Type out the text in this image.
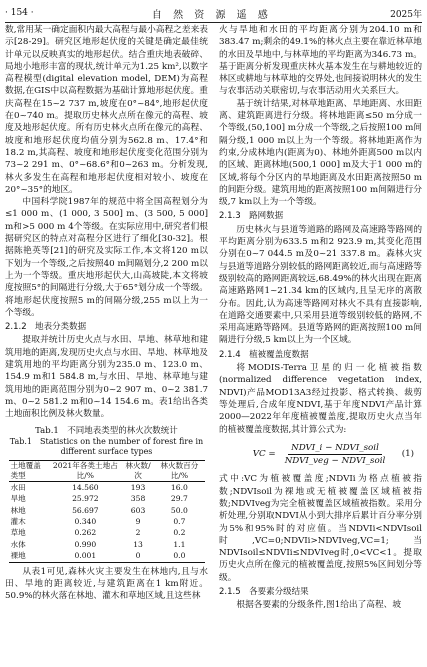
· 154 ·	自 然 资 源 遥 感	2025年

数,常用某一确定面积内最大高程与最小高程之差来表示[28-29]。研究区地形起伏度的关键是确定最佳统计单元以反映真实的地形起伏。结合重庆地表破碎、局地小地形丰富的现状,统计单元为1.25 km²,以数字高程模型(digital elevation model, DEM)为高程数据,在GIS中以高程数据为基础计算地形起伏度。重庆高程在15~2 737 m,坡度在0°~84°,地形起伏度在0~740 m。提取历史林火点所在像元的高程、坡度及地形起伏度。所有历史林火点所在像元的高程、坡度和地形起伏度均值分别为562.8 m、17.4°和18.2 m,其高程、坡度和地形起伏度变化范围分别为73~2 291 m、0°~68.6°和0~263 m。分析发现,林火多发生在高程和地形起伏度相对较小、坡度在20°~35°的地区。

中国科学院1987年的规范中将全国高程划分为≤1 000 m、(1 000, 3 500] m、(3 500, 5 000] m和>5 000 m 4个等级。在实际应用中,研究者们根据研究区的特点对高程分区进行了细化[30-32]。根据陈艳英等[21]的研究及实际工作,本文将120 m以下划为一个等级,之后按照40 m间隔划分,2 200 m以上为一个等级。重庆地形起伏大,山高坡陡,本文将坡度按照5°的间隔进行分级,大于65°划分成一个等级。将地形起伏度按照5 m的间隔分级,255 m以上为一个等级。

2.1.2　地表分类数据

提取并统计历史火点与水田、旱地、林草地和建筑用地的距离,发现历史火点与水田、旱地、林草地及建筑用地的平均距离分别为235.0 m、123.0 m、154.9 m和1 584.8 m,与水田、旱地、林草地与建筑用地的距离范围分别为0~2 907 m、0~2 381.7 m、0~2 581.2 m和0~14 154.6 m。表1给出各类土地面积比例及林火数量。

Tab.1　不同地表类型的林火次数统计
Tab.1　Statistics on the number of forest fire in different surface types
土地覆盖类型	2021年各类土地占比/%	林火数/次	林火数百分比/%
水田	14.560	193	16.0
旱地	25.972	358	29.7
林地	56.697	603	50.0
灌木	0.340	9	0.7
草地	0.262	2	0.2
水体	0.990	13	1.1
裸地	0.001	0	0.0

从表1可见,森林火灾主要发生在林地内,且与水田、旱地的距离较近,与建筑距离在1 km附近。50.9%的林火落在林地、灌木和草地区域,且这些林

火与旱地和水田的平均距离分别为204.10 m和383.47 m;剩余的49.1%的林火点主要在靠近林草地的水田及旱地中,与林草地的平均距离为346.73 m。基于距离分析发现重庆林火基本发生在与耕地较近的林区或耕地与林草地的交界处,也间接说明林火的发生与农事活动关联密切,与农事活动用火关系巨大。

基于统计结果,对林草地距离、旱地距离、水田距离、建筑距离进行分级。将林地距离≤50 m分成一个等级,(50,100] m分成一个等级,之后按照100 m间隔分级,1 000 m以上为一个等级。将林地距离作为约束,分成林地内(距离为0)、林地外距离500 m以内的区域、距离林地(500,1 000] m及大于1 000 m的区域,将每个分区内的旱地距离及水田距离按照50 m的间距分级。建筑用地的距离按照100 m间隔进行分级,7 km以上为一个等级。

2.1.3　路网数据

历史林火与县道等道路的路网及高速路等路网的平均距离分别为633.5 m和2 923.9 m,其变化范围分别在0~7 044.5 m及0~21 337.8 m。森林火灾与县道等道路分别较低的路网距离较近,而与高速路等级别较高的路网距离较远,68.49%的林火出现在距离高速路路网1~21.34 km的区域内,且呈无序的离散分布。因此,认为高速等路网对林火不具有直接影响,在道路交通要素中,只采用县道等级别较低的路网,不采用高速路等路网。县道等路网的距离按照100 m间隔进行分级,5 km以上为一个区域。

2.1.4　植被覆盖度数据

将MODIS-Terra卫星的归一化植被指数(normalized difference vegetation index, NDVI)产品MOD13A3经过投影、格式转换、裁剪等处理后,合成年度NDVI,基于年度NDVI产品计算2000—2022年年度植被覆盖度,提取历史火点当年的植被覆盖度数据,其计算公式为:

VC = $\frac{\text{NDVI\_i − NDVI\_soil}}{\text{NDVI\_veg − NDVI\_soil}} (1)$

式中:VC为植被覆盖度;NDVIi为格点植被指数;NDVIsoil为裸地或无植被覆盖区域植被指数;NDVIveg为完全植被覆盖区域植被指数。采用分析处理,分别取NDVI从小到大排序后累计百分率分别为5%和95%时的对应值。当NDVIi<NDVIsoil时,VC=0;NDVIi>NDVIveg,VC=1;当NDVIsoil≤NDVIi≤NDVIveg时,0<VC<1。提取历史火点所在像元的植被覆盖度,按照5%区间划分等级。

2.1.5　各要素分级结果

根据各要素的分级条件,图1给出了高程、坡
